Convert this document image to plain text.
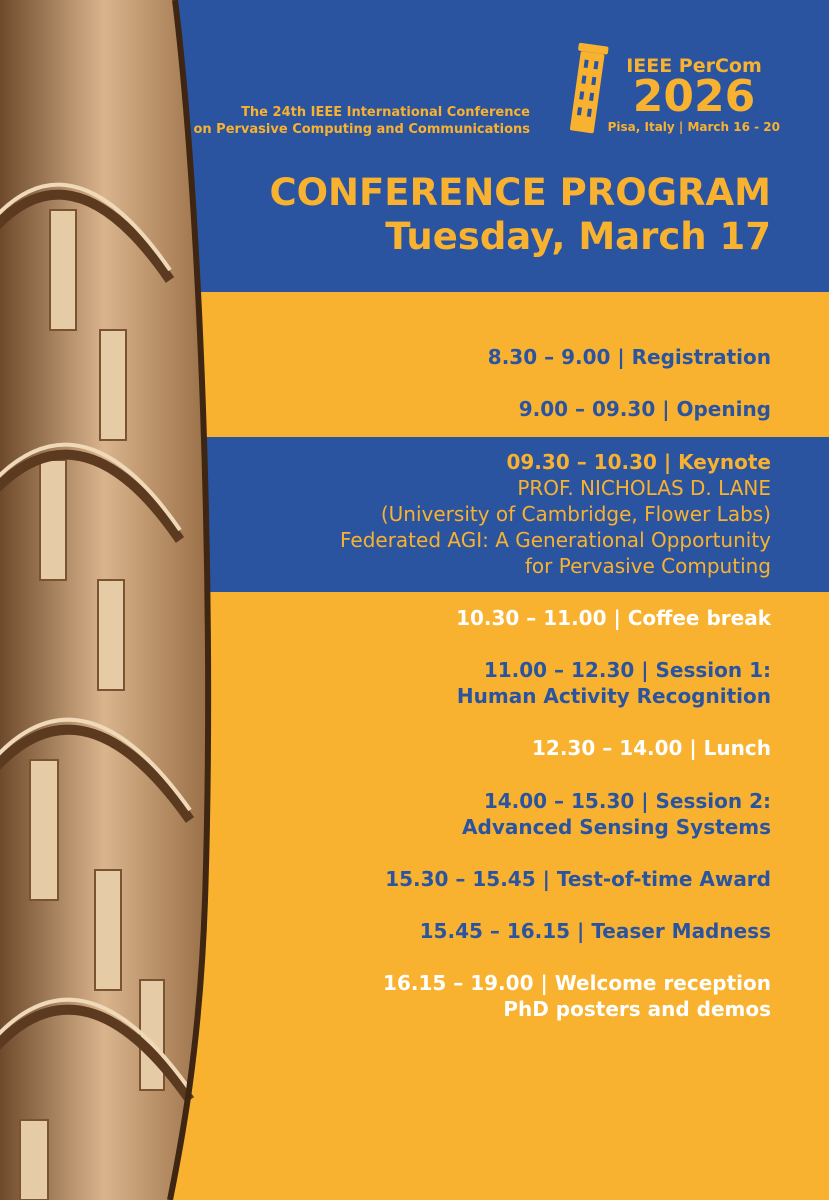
The 24th IEEE International Conference
on Pervasive Computing and Communications
IEEE PerCom
2026
Pisa, Italy | March 16 - 20
CONFERENCE PROGRAM
Tuesday, March 17
8.30 – 9.00 | Registration
9.00 – 09.30 | Opening
09.30 – 10.30 | Keynote
PROF. NICHOLAS D. LANE
(University of Cambridge, Flower Labs)
Federated AGI: A Generational Opportunity
for Pervasive Computing
10.30 – 11.00 | Coffee break
11.00 – 12.30 | Session 1:
Human Activity Recognition
12.30 – 14.00 | Lunch
14.00 – 15.30 | Session 2:
Advanced Sensing Systems
15.30 – 15.45 | Test-of-time Award
15.45 – 16.15 | Teaser Madness
16.15 – 19.00 | Welcome reception
PhD posters and demos
